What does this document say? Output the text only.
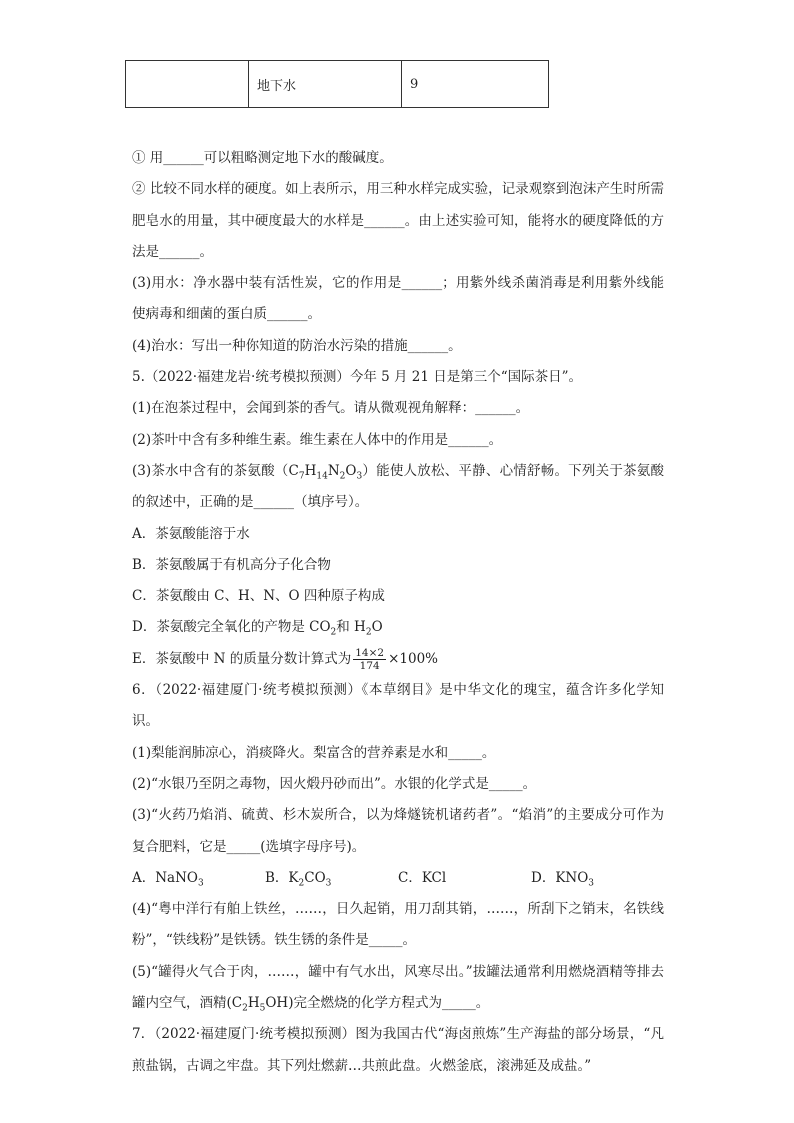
	地下水	9

① 用______可以粗略测定地下水的酸碱度。

② 比较不同水样的硬度。如上表所示，用三种水样完成实验，记录观察到泡沫产生时所需肥皂水的用量，其中硬度最大的水样是______。由上述实验可知，能将水的硬度降低的方法是______。

(3)用水：净水器中装有活性炭，它的作用是______；用紫外线杀菌消毒是利用紫外线能使病毒和细菌的蛋白质______。

(4)治水：写出一种你知道的防治水污染的措施______。

5.（2022·福建龙岩·统考模拟预测）今年 5 月 21 日是第三个“国际茶日”。

(1)在泡茶过程中，会闻到茶的香气。请从微观视角解释：______。

(2)茶叶中含有多种维生素。维生素在人体中的作用是______。

(3)茶水中含有的茶氨酸$(C_7H_{14}N_2O_3)$能使人放松、平静、心情舒畅。下列关于茶氨酸的叙述中，正确的是______（填序号）。

A．茶氨酸能溶于水

B．茶氨酸属于有机高分子化合物

C．茶氨酸由 C、H、N、O 四种原子构成

D．茶氨酸完全氧化的产物是 $CO_2$和 $H_2O$

E．茶氨酸中 N 的质量分数计算式为 $\frac{14\times 2}{174} \times 100\%$

6．（2022·福建厦门·统考模拟预测）《本草纲目》是中华文化的瑰宝，蕴含许多化学知识。

(1)梨能润肺凉心，消痰降火。梨富含的营养素是水和_____。

(2)“水银乃至阴之毒物，因火煅丹砂而出”。水银的化学式是_____。

(3)“火药乃焰消、硫黄、杉木炭所合，以为烽燧铳机诸药者”。“焰消”的主要成分可作为复合肥料，它是_____(选填字母序号)。

A．NaNO$_3$	B．$K_2CO_3$	C．KCl	D．$KNO_3$

(4)“粤中洋行有舶上铁丝，……，日久起销，用刀刮其销，……，所刮下之销末，名铁线粉”，“铁线粉”是铁锈。铁生锈的条件是_____。

(5)“罐得火气合于肉，……，罐中有气水出，风寒尽出。”拔罐法通常利用燃烧酒精等排去罐内空气，酒精$(C_2H_5OH)$完全燃烧的化学方程式为_____。

7．（2022·福建厦门·统考模拟预测）图为我国古代“海卤煎炼”生产海盐的部分场景，“凡煎盐锅，古调之牢盘。其下列灶燃薪…共煎此盘。火燃釜底，滚沸延及成盐。”
